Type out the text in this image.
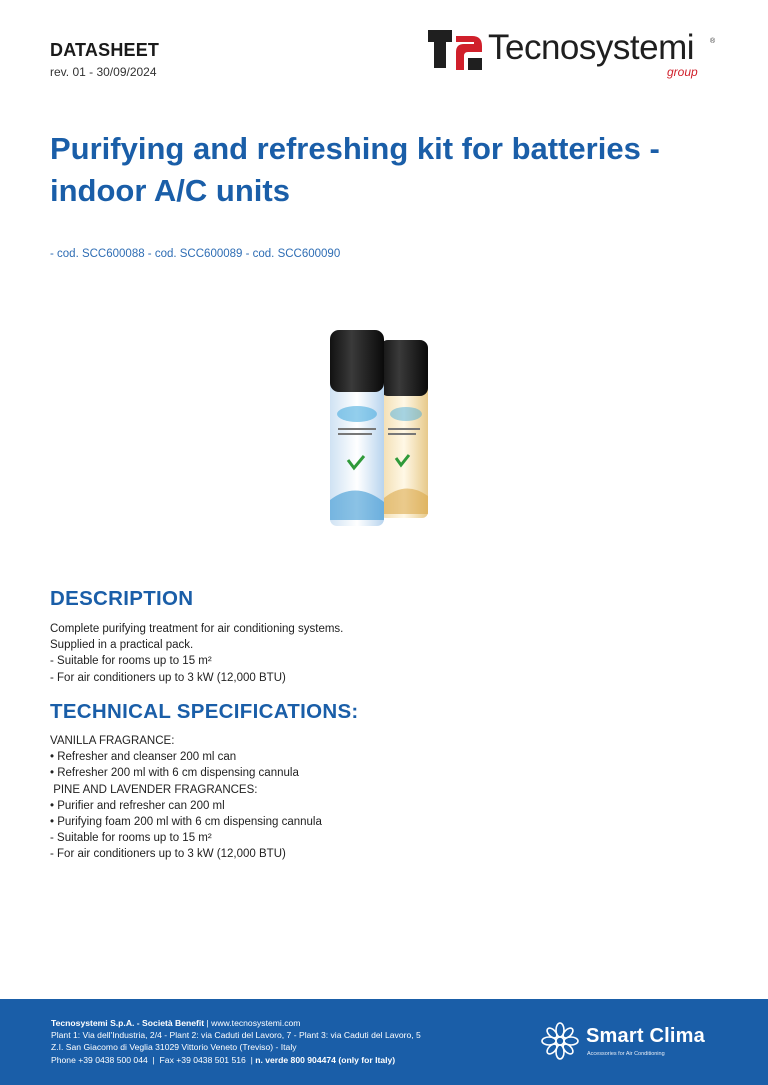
DATASHEET
rev. 01 - 30/09/2024
Tecnosystemi ®
group
Purifying and refreshing kit for batteries -
indoor A/C units
- cod. SCC600088 - cod. SCC600089 - cod. SCC600090
DESCRIPTION
Complete purifying treatment for air conditioning systems.
Supplied in a practical pack.
- Suitable for rooms up to 15 m²
- For air conditioners up to 3 kW (12,000 BTU)
TECHNICAL SPECIFICATIONS:
VANILLA FRAGRANCE:
• Refresher and cleanser 200 ml can
• Refresher 200 ml with 6 cm dispensing cannula
PINE AND LAVENDER FRAGRANCES:
• Purifier and refresher can 200 ml
• Purifying foam 200 ml with 6 cm dispensing cannula
- Suitable for rooms up to 15 m²
- For air conditioners up to 3 kW (12,000 BTU)
Tecnosystemi S.p.A. - Società Benefit | www.tecnosystemi.com
Plant 1: Via dell'Industria, 2/4 - Plant 2: via Caduti del Lavoro, 7 - Plant 3: via Caduti del Lavoro, 5
Z.I. San Giacomo di Veglia 31029 Vittorio Veneto (Treviso) - Italy
Phone +39 0438 500 044  |  Fax +39 0438 501 516  | n. verde 800 904474 (only for Italy)
Smart Clima
Accessories for Air Conditioning
